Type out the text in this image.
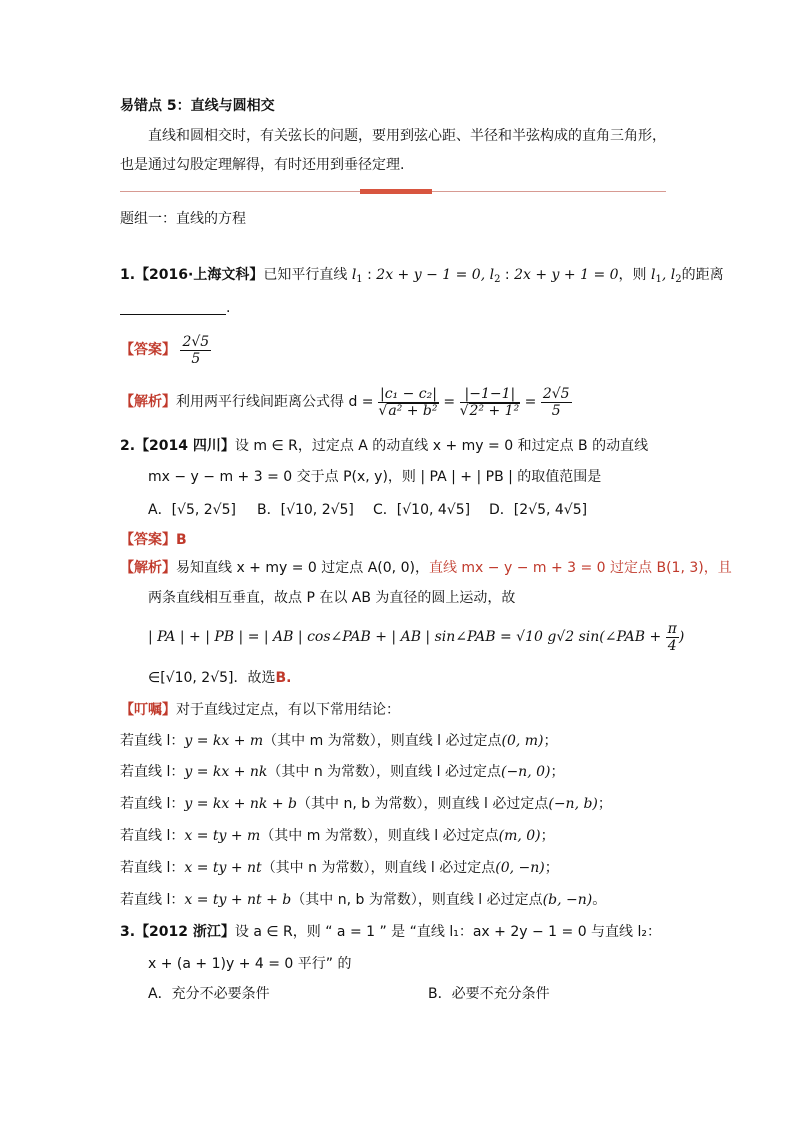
易错点 5：直线与圆相交
直线和圆相交时，有关弦长的问题，要用到弦心距、半径和半弦构成的直角三角形，
也是通过勾股定理解得，有时还用到垂径定理.
题组一：直线的方程
1.【2016·上海文科】已知平行直线 $l_1$ : 2x + y − 1 = 0, $l_2$ : 2x + y + 1 = 0，则 $l_1$, $l_2$的距离
.
【答案】 $\frac{2√5}{5}$
【解析】利用两平行线间距离公式得 $d = \frac{\text{|c₁ − c₂|}}{\text{√a² + b²}} = \frac{|-1-1|}{\text{√2² + 1²}} = \frac{2√5}{5}$
2.【2014 四川】设 m ∈ R，过定点 A 的动直线 x + my = 0 和过定点 B 的动直线
mx − y − m + 3 = 0 交于点 P(x, y)，则 | PA | + | PB | 的取值范围是
A．[√5, 2√5] B．[√10, 2√5] C．[√10, 4√5] D．[2√5, 4√5]
【答案】B
【解析】易知直线 x + my = 0 过定点 A(0, 0)，直线 mx − y − m + 3 = 0 过定点 B(1, 3)，且
两条直线相互垂直，故点 P 在以 AB 为直径的圆上运动，故
| PA | + | PB | = | AB | cos∠PAB + | AB | sin∠PAB = √10 g√2 sin(∠PAB + $\frac{\pi}{4}$ )
∈[√10, 2√5]．故选B.
【叮嘱】对于直线过定点，有以下常用结论：
若直线 l：y = kx + m（其中 m 为常数），则直线 l 必过定点(0, m)；
若直线 l：y = kx + nk（其中 n 为常数），则直线 l 必过定点(−n, 0)；
若直线 l：y = kx + nk + b（其中 n, b 为常数），则直线 l 必过定点(−n, b)；
若直线 l：x = ty + m（其中 m 为常数），则直线 l 必过定点(m, 0)；
若直线 l：x = ty + nt（其中 n 为常数），则直线 l 必过定点(0, −n)；
若直线 l：x = ty + nt + b（其中 n, b 为常数），则直线 l 必过定点(b, −n)。
3.【2012 浙江】设 a ∈ R，则 “ a = 1 ” 是 “直线 l₁：ax + 2y − 1 = 0 与直线 l₂：
x + (a + 1)y + 4 = 0 平行” 的
A．充分不必要条件	B．必要不充分条件
